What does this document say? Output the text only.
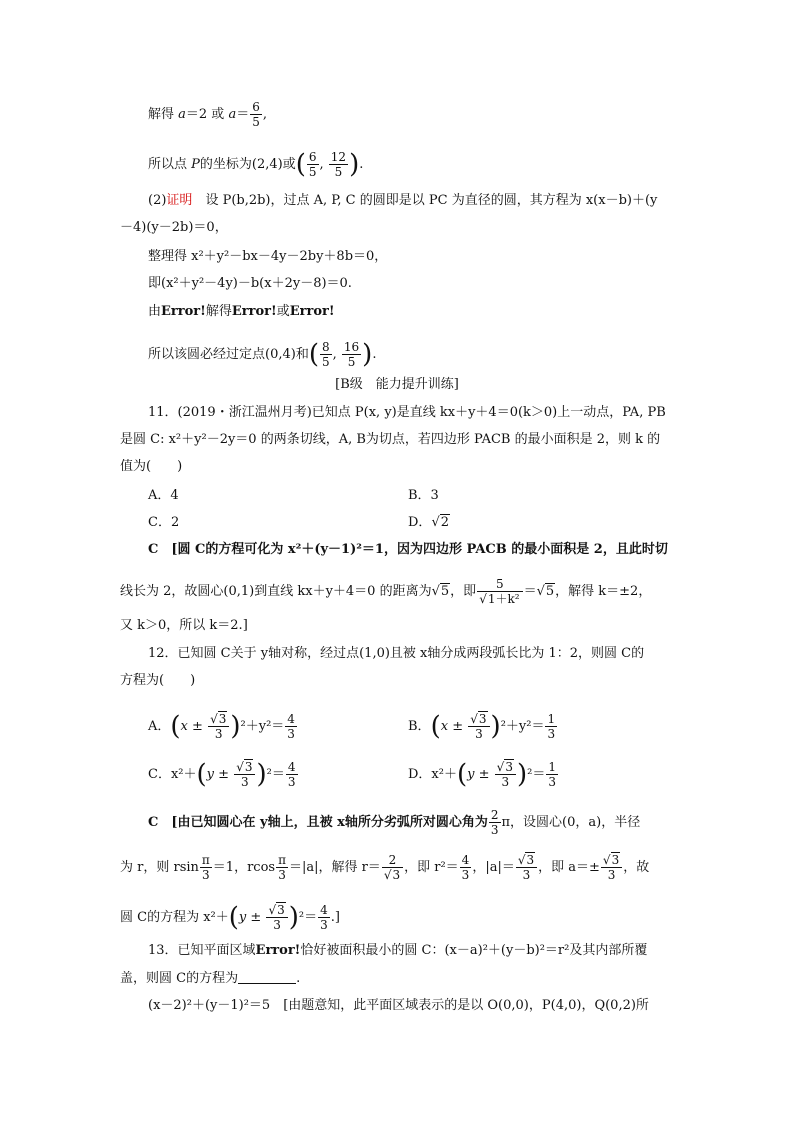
解得 a＝2 或 $a= \frac{6}{5}$ ,
所以点 P的坐标为(2,4)或( $\frac{6}{5}$ , $\frac{12}{5}$ ).
(2)证明　设 P(b,2b)，过点 A, P, C 的圆即是以 PC 为直径的圆，其方程为 x(x－b)＋(y
－4)(y－2b)＝0，
整理得 x²＋y²－bx－4y－2by＋8b＝0，
即(x²＋y²－4y)－b(x＋2y－8)＝0.
由Error!解得Error!或Error!
所以该圆必经过定点(0,4)和( $\frac{8}{5}$ , $\frac{16}{5}$ ).
[B级　能力提升训练]
11．(2019・浙江温州月考)已知点 P(x, y)是直线 kx＋y＋4＝0(k＞0)上一动点，PA, PB
是圆 C: x²＋y²－2y＝0 的两条切线，A, B为切点，若四边形 PACB 的最小面积是 2，则 k 的
值为(　　)
A．4	B．3
C．2	D．√2
C　[圆 C的方程可化为 x²＋(y－1)²＝1，因为四边形 PACB 的最小面积是 2，且此时切
线长为 2，故圆心(0,1)到直线 kx＋y＋4＝0 的距离为√5，即 $\frac{5}{\text{√1＋k²}} =√5$，解得 k＝±2，
又 k＞0，所以 k＝2.]
12．已知圆 C关于 y轴对称，经过点(1,0)且被 x轴分成两段弧长比为 1：2，则圆 C的
方程为(　　)
A．$(x \pm \frac{√3}{3} )^2+y^2= \frac{4}{3}$	B．$(x \pm \frac{√3}{3} )^2+y^2= \frac{1}{3}$
C．$x^2+(y \pm \frac{√3}{3} )^2= \frac{4}{3}$	D．$x^2+(y \pm \frac{√3}{3} )^2= \frac{1}{3}$
C　[由已知圆心在 y轴上，且被 x轴所分劣弧所对圆心角为 $\frac{2}{3}$ π，设圆心(0，a)，半径
为 r，则 rsin $\frac{\pi}{3} =1$，rcos $\frac{\pi}{3} =|a|$，解得 $r= \frac{2}{√3}$ ，即 $r^2= \frac{4}{3}$ ，$|a|= \frac{√3}{3}$ ，即 $a=\pm \frac{√3}{3}$ ，故
圆 C的方程为 $x^2+(y \pm \frac{√3}{3} )^2= \frac{4}{3}$ .]
13．已知平面区域Error!恰好被面积最小的圆 C：(x－a)²＋(y－b)²＝r²及其内部所覆
盖，则圆 C的方程为	.
(x－2)²＋(y－1)²＝5　[由题意知，此平面区域表示的是以 O(0,0)，P(4,0)，Q(0,2)所
